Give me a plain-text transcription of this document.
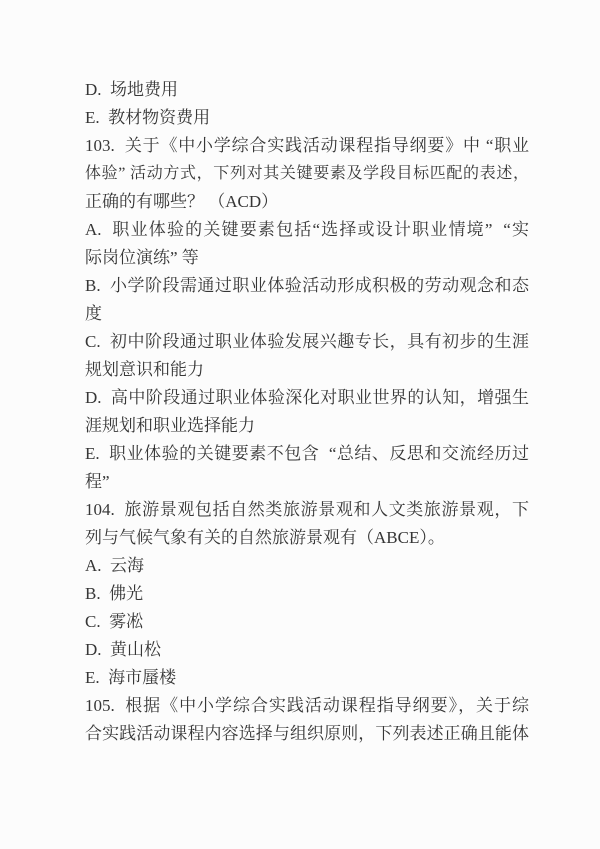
D.  场地费用
E.  教材物资费用
103.  关于《中小学综合实践活动课程指导纲要》中 “职业
体验” 活动方式，下列对其关键要素及学段目标匹配的表述，
正确的有哪些？ （ACD）
A.  职业体验的关键要素包括“选择或设计职业情境”  “实
际岗位演练” 等
B.  小学阶段需通过职业体验活动形成积极的劳动观念和态
度
C.  初中阶段通过职业体验发展兴趣专长，具有初步的生涯
规划意识和能力
D.  高中阶段通过职业体验深化对职业世界的认知，增强生
涯规划和职业选择能力
E.  职业体验的关键要素不包含  “总结、反思和交流经历过
程”
104.  旅游景观包括自然类旅游景观和人文类旅游景观，下
列与气候气象有关的自然旅游景观有（ABCE）。
A.  云海
B.  佛光
C.  雾凇
D.  黄山松
E.  海市蜃楼
105.  根据《中小学综合实践活动课程指导纲要》，关于综
合实践活动课程内容选择与组织原则，下列表述正确且能体
